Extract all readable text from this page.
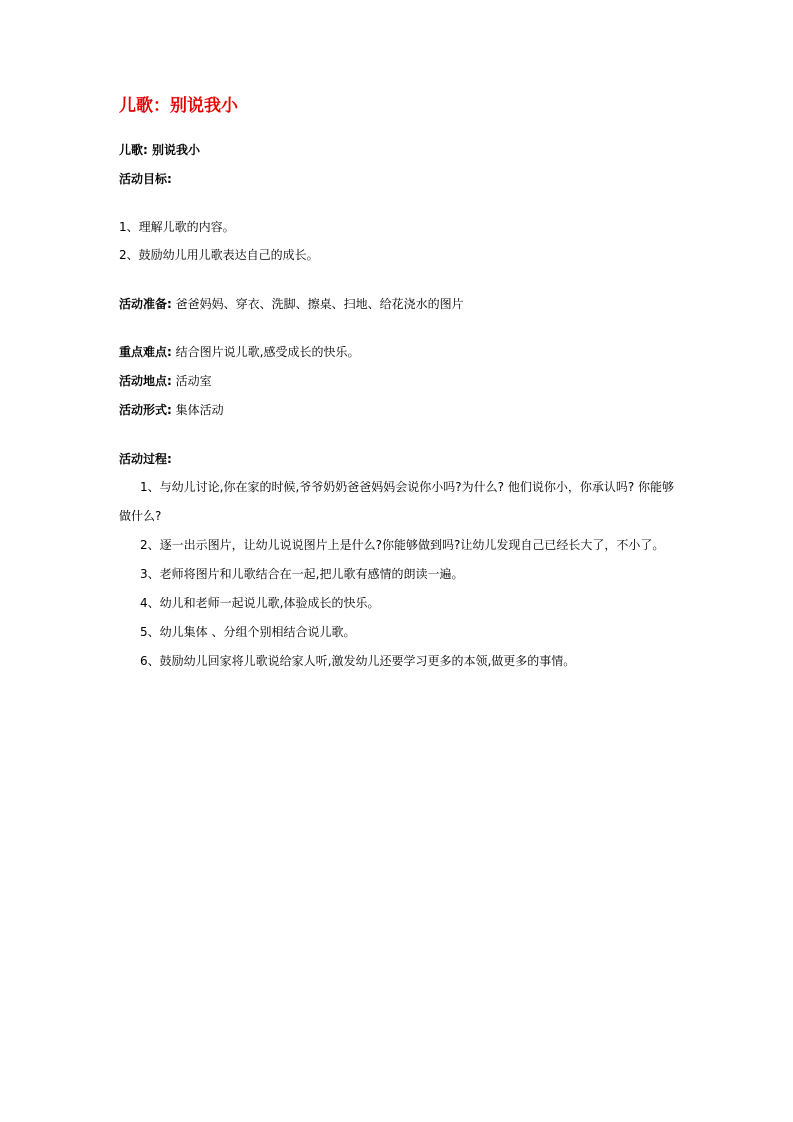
儿歌：别说我小
儿歌: 别说我小
活动目标:
1、理解儿歌的内容。
2、鼓励幼儿用儿歌表达自己的成长。
活动准备: 爸爸妈妈、穿衣、洗脚、擦桌、扫地、给花浇水的图片
重点难点: 结合图片说儿歌,感受成长的快乐。
活动地点: 活动室
活动形式: 集体活动
活动过程:
1、与幼儿讨论,你在家的时候,爷爷奶奶爸爸妈妈会说你小吗?为什么? 他们说你小，你承认吗? 你能够
做什么?
2、逐一出示图片，让幼儿说说图片上是什么?你能够做到吗?让幼儿发现自己已经长大了，不小了。
3、老师将图片和儿歌结合在一起,把儿歌有感情的朗读一遍。
4、幼儿和老师一起说儿歌,体验成长的快乐。
5、幼儿集体 、分组个别相结合说儿歌。
6、鼓励幼儿回家将儿歌说给家人听,激发幼儿还要学习更多的本领,做更多的事情。
